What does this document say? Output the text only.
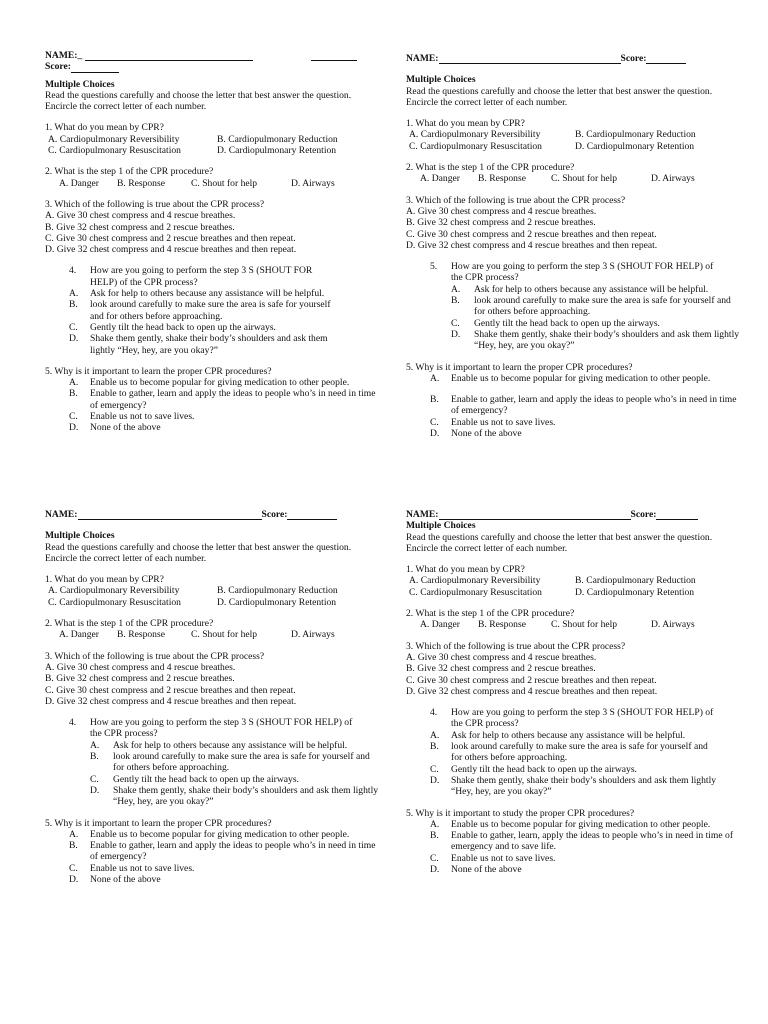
NAME:_
Score:
Multiple Choices
Read the questions carefully and choose the letter that best answer the question. Encircle the correct letter of each number.
1. What do you mean by CPR?
A. Cardiopulmonary Reversibility	B. Cardiopulmonary Reduction
C. Cardiopulmonary Resuscitation	D. Cardiopulmonary Retention
2. What is the step 1 of the CPR procedure?
A. Danger	B. Response	C. Shout for help	D. Airways
3. Which of the following is true about the CPR process?
A. Give 30 chest compress and 4 rescue breathes.
B. Give 32 chest compress and 2 rescue breathes.
C. Give 30 chest compress and 2 rescue breathes and then repeat.
D. Give 32 chest compress and 4 rescue breathes and then repeat.
4.	How are you going to perform the step 3 S (SHOUT FOR HELP) of the CPR process?
A.	Ask for help to others because any assistance will be helpful.
B.	look around carefully to make sure the area is safe for yourself and for others before approaching.
C.	Gently tilt the head back to open up the airways.
D.	Shake them gently, shake their body’s shoulders and ask them lightly “Hey, hey, are you okay?”
5. Why is it important to learn the proper CPR procedures?
A.	Enable us to become popular for giving medication to other people.
B.	Enable to gather, learn and apply the ideas to people who’s in need in time of emergency?
C.	Enable us not to save lives.
D.	None of the above
NAME:	Score:
Multiple Choices
Read the questions carefully and choose the letter that best answer the question. Encircle the correct letter of each number.
1. What do you mean by CPR?
A. Cardiopulmonary Reversibility	B. Cardiopulmonary Reduction
C. Cardiopulmonary Resuscitation	D. Cardiopulmonary Retention
2. What is the step 1 of the CPR procedure?
A. Danger	B. Response	C. Shout for help	D. Airways
3. Which of the following is true about the CPR process?
A. Give 30 chest compress and 4 rescue breathes.
B. Give 32 chest compress and 2 rescue breathes.
C. Give 30 chest compress and 2 rescue breathes and then repeat.
D. Give 32 chest compress and 4 rescue breathes and then repeat.
5.	How are you going to perform the step 3 S (SHOUT FOR HELP) of the CPR process?
A.	Ask for help to others because any assistance will be helpful.
B.	look around carefully to make sure the area is safe for yourself and for others before approaching.
C.	Gently tilt the head back to open up the airways.
D.	Shake them gently, shake their body’s shoulders and ask them lightly “Hey, hey, are you okay?”
5. Why is it important to learn the proper CPR procedures?
A.	Enable us to become popular for giving medication to other people.
B.	Enable to gather, learn and apply the ideas to people who’s in need in time of emergency?
C.	Enable us not to save lives.
D.	None of the above
NAME:	Score:
Multiple Choices
Read the questions carefully and choose the letter that best answer the question. Encircle the correct letter of each number.
1. What do you mean by CPR?
A. Cardiopulmonary Reversibility	B. Cardiopulmonary Reduction
C. Cardiopulmonary Resuscitation	D. Cardiopulmonary Retention
2. What is the step 1 of the CPR procedure?
A. Danger	B. Response	C. Shout for help	D. Airways
3. Which of the following is true about the CPR process?
A. Give 30 chest compress and 4 rescue breathes.
B. Give 32 chest compress and 2 rescue breathes.
C. Give 30 chest compress and 2 rescue breathes and then repeat.
D. Give 32 chest compress and 4 rescue breathes and then repeat.
4.	How are you going to perform the step 3 S (SHOUT FOR HELP) of the CPR process?
A.	Ask for help to others because any assistance will be helpful.
B.	look around carefully to make sure the area is safe for yourself and for others before approaching.
C.	Gently tilt the head back to open up the airways.
D.	Shake them gently, shake their body’s shoulders and ask them lightly “Hey, hey, are you okay?”
5. Why is it important to learn the proper CPR procedures?
A.	Enable us to become popular for giving medication to other people.
B.	Enable to gather, learn and apply the ideas to people who’s in need in time of emergency?
C.	Enable us not to save lives.
D.	None of the above
NAME:	Score:
Multiple Choices
Read the questions carefully and choose the letter that best answer the question. Encircle the correct letter of each number.
1. What do you mean by CPR?
A. Cardiopulmonary Reversibility	B. Cardiopulmonary Reduction
C. Cardiopulmonary Resuscitation	D. Cardiopulmonary Retention
2. What is the step 1 of the CPR procedure?
A. Danger	B. Response	C. Shout for help	D. Airways
3. Which of the following is true about the CPR process?
A. Give 30 chest compress and 4 rescue breathes.
B. Give 32 chest compress and 2 rescue breathes.
C. Give 30 chest compress and 2 rescue breathes and then repeat.
D. Give 32 chest compress and 4 rescue breathes and then repeat.
4.	How are you going to perform the step 3 S (SHOUT FOR HELP) of the CPR process?
A.	Ask for help to others because any assistance will be helpful.
B.	look around carefully to make sure the area is safe for yourself and for others before approaching.
C.	Gently tilt the head back to open up the airways.
D.	Shake them gently, shake their body’s shoulders and ask them lightly “Hey, hey, are you okay?”
5. Why is it important to study the proper CPR procedures?
A.	Enable us to become popular for giving medication to other people.
B.	Enable to gather, learn, apply the ideas to people who’s in need in time of emergency and to save life.
C.	Enable us not to save lives.
D.	None of the above
